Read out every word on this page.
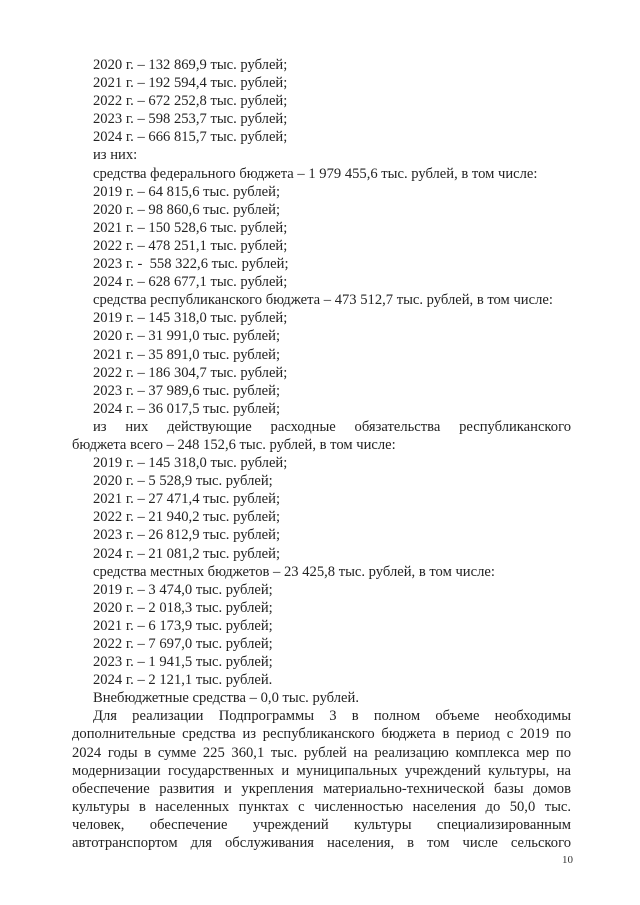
2020 г. – 132 869,9 тыс. рублей;
2021 г. – 192 594,4 тыс. рублей;
2022 г. – 672 252,8 тыс. рублей;
2023 г. – 598 253,7 тыс. рублей;
2024 г. – 666 815,7 тыс. рублей;
из них:
средства федерального бюджета – 1 979 455,6 тыс. рублей, в том числе:
2019 г. – 64 815,6 тыс. рублей;
2020 г. – 98 860,6 тыс. рублей;
2021 г. – 150 528,6 тыс. рублей;
2022 г. – 478 251,1 тыс. рублей;
2023 г. -  558 322,6 тыс. рублей;
2024 г. – 628 677,1 тыс. рублей;
средства республиканского бюджета – 473 512,7 тыс. рублей, в том числе:
2019 г. – 145 318,0 тыс. рублей;
2020 г. – 31 991,0 тыс. рублей;
2021 г. – 35 891,0 тыс. рублей;
2022 г. – 186 304,7 тыс. рублей;
2023 г. – 37 989,6 тыс. рублей;
2024 г. – 36 017,5 тыс. рублей;
из них действующие расходные обязательства республиканского
бюджета всего – 248 152,6 тыс. рублей, в том числе:
2019 г. – 145 318,0 тыс. рублей;
2020 г. – 5 528,9 тыс. рублей;
2021 г. – 27 471,4 тыс. рублей;
2022 г. – 21 940,2 тыс. рублей;
2023 г. – 26 812,9 тыс. рублей;
2024 г. – 21 081,2 тыс. рублей;
средства местных бюджетов – 23 425,8 тыс. рублей, в том числе:
2019 г. – 3 474,0 тыс. рублей;
2020 г. – 2 018,3 тыс. рублей;
2021 г. – 6 173,9 тыс. рублей;
2022 г. – 7 697,0 тыс. рублей;
2023 г. – 1 941,5 тыс. рублей;
2024 г. – 2 121,1 тыс. рублей.
Внебюджетные средства – 0,0 тыс. рублей.
Для реализации Подпрограммы 3 в полном объеме необходимы
дополнительные средства из республиканского бюджета в период с 2019 по
2024 годы в сумме 225 360,1 тыс. рублей на реализацию комплекса мер по
модернизации государственных и муниципальных учреждений культуры, на
обеспечение развития и укрепления материально-технической базы домов
культуры в населенных пунктах с численностью населения до 50,0 тыс.
человек, обеспечение учреждений культуры специализированным
автотранспортом для обслуживания населения, в том числе сельского
10
